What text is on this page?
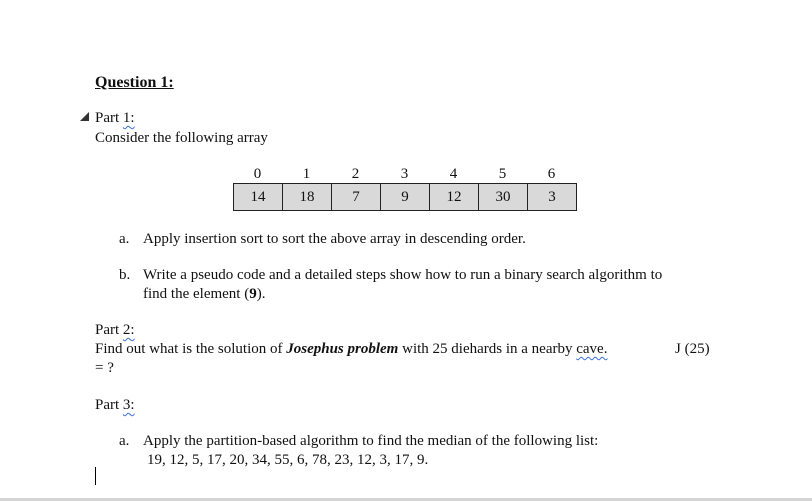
Question 1:
Part 1:
Consider the following array
0	1	2	3	4	5	6
14	18	7	9	12	30	3
a. Apply insertion sort to sort the above array in descending order.
b. Write a pseudo code and a detailed steps show how to run a binary search algorithm to
find the element (9).
Part 2:
Find out what is the solution of Josephus problem with 25 diehards in a nearby cave.	J (25)
= ?
Part 3:
a. Apply the partition-based algorithm to find the median of the following list:
19, 12, 5, 17, 20, 34, 55, 6, 78, 23, 12, 3, 17, 9.
